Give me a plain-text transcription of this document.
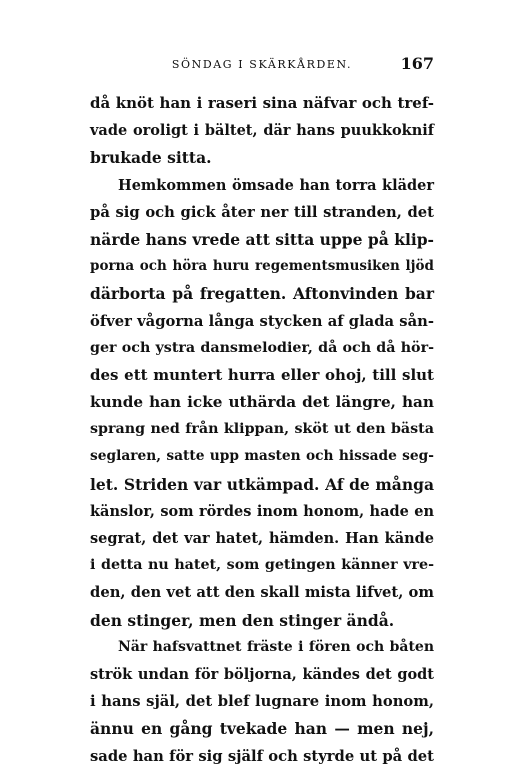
SÖNDAG I SKÄRKÅRDEN.	167
då knöt han i raseri sina näfvar och tref-
vade oroligt i bältet, där hans puukkoknif
brukade sitta.
Hemkommen ömsade han torra kläder
på sig och gick åter ner till stranden, det
närde hans vrede att sitta uppe på klip-
porna och höra huru regementsmusiken ljöd
därborta på fregatten. Aftonvinden bar
öfver vågorna långa stycken af glada sån-
ger och ystra dansmelodier, då och då hör-
des ett muntert hurra eller ohoj, till slut
kunde han icke uthärda det längre, han
sprang ned från klippan, sköt ut den bästa
seglaren, satte upp masten och hissade seg-
let. Striden var utkämpad. Af de många
känslor, som rördes inom honom, hade en
segrat, det var hatet, hämden. Han kände
i detta nu hatet, som getingen känner vre-
den, den vet att den skall mista lifvet, om
den stinger, men den stinger ändå.
När hafsvattnet fräste i fören och båten
strök undan för böljorna, kändes det godt
i hans själ, det blef lugnare inom honom,
ännu en gång tvekade han — men nej,
sade han för sig själf och styrde ut på det
